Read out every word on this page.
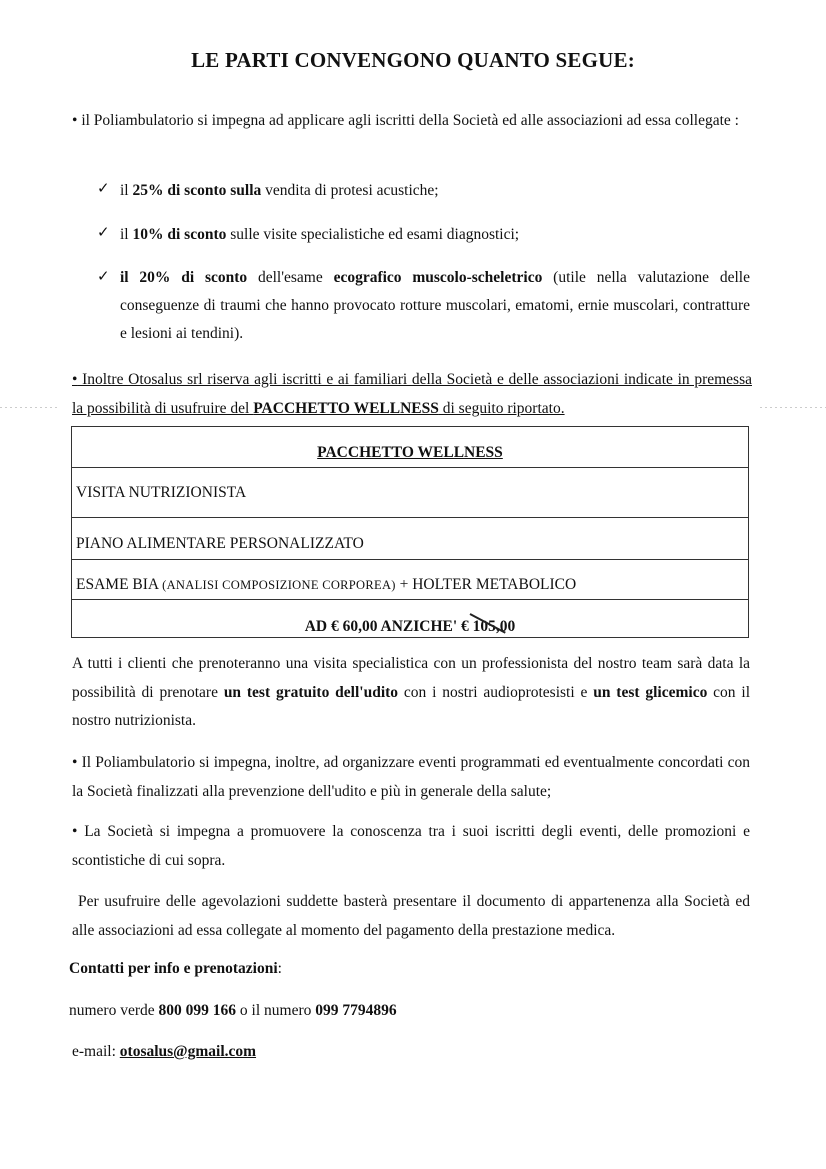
LE PARTI CONVENGONO QUANTO SEGUE:
• il Poliambulatorio si impegna ad applicare agli iscritti della Società ed alle associazioni ad essa collegate :
✓ il 25% di sconto sulla vendita di protesi acustiche;
✓ il 10% di sconto sulle visite specialistiche ed esami diagnostici;
✓ il 20% di sconto dell'esame ecografico muscolo-scheletrico (utile nella valutazione delle conseguenze di traumi che hanno provocato rotture muscolari, ematomi, ernie muscolari, contratture e lesioni ai tendini).
• Inoltre Otosalus srl riserva agli iscritti e ai familiari della Società e delle associazioni indicate in premessa la possibilità di usufruire del PACCHETTO WELLNESS di seguito riportato.
PACCHETTO WELLNESS
VISITA NUTRIZIONISTA
PIANO ALIMENTARE PERSONALIZZATO
ESAME BIA (ANALISI COMPOSIZIONE CORPOREA) + HOLTER METABOLICO
AD € 60,00 ANZICHE' € 105,00
A tutti i clienti che prenoteranno una visita specialistica con un professionista del nostro team sarà data la possibilità di prenotare un test gratuito dell'udito con i nostri audioprotesisti e un test glicemico con il nostro nutrizionista.
• Il Poliambulatorio si impegna, inoltre, ad organizzare eventi programmati ed eventualmente concordati con la Società finalizzati alla prevenzione dell'udito e più in generale della salute;
• La Società si impegna a promuovere la conoscenza tra i suoi iscritti degli eventi, delle promozioni e scontistiche di cui sopra.
Per usufruire delle agevolazioni suddette basterà presentare il documento di appartenenza alla Società ed alle associazioni ad essa collegate al momento del pagamento della prestazione medica.
Contatti per info e prenotazioni:
numero verde 800 099 166 o il numero 099 7794896
e-mail: otosalus@gmail.com
